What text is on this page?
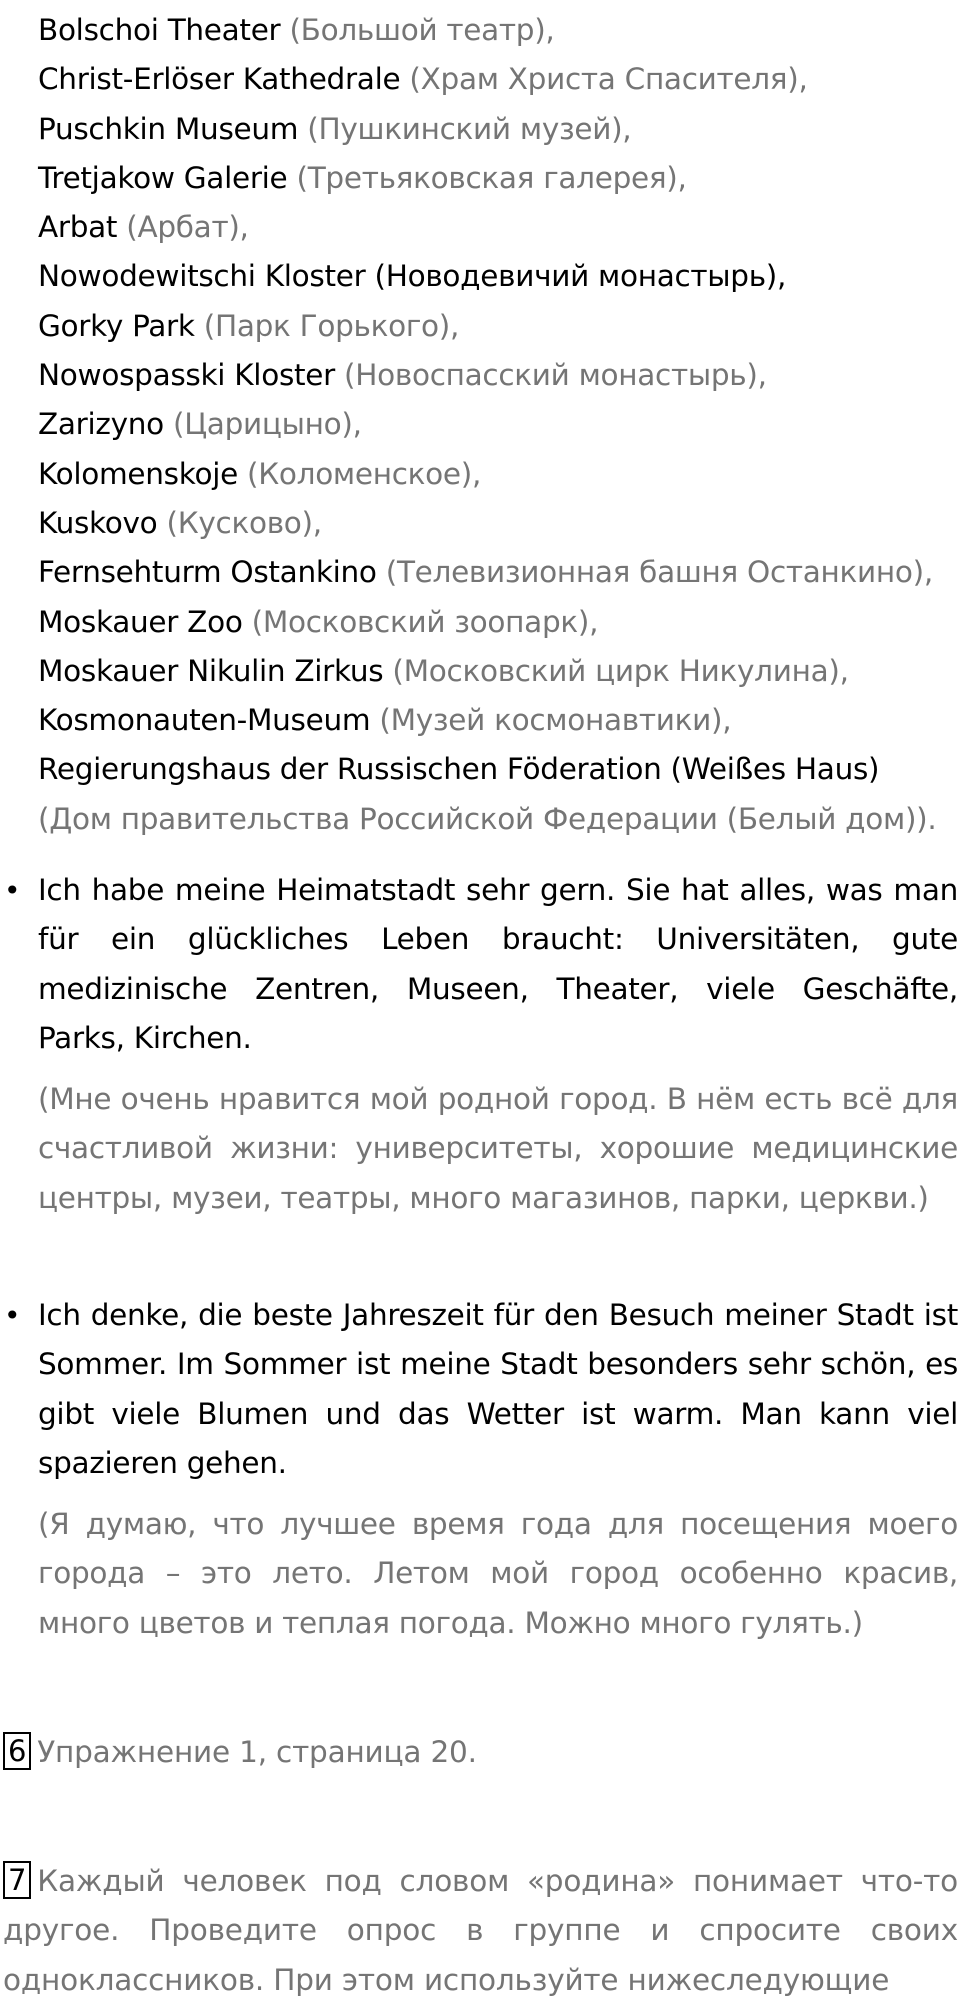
Bolschoi Theater (Большой театр),
Christ-Erlöser Kathedrale (Храм Христа Спасителя),
Puschkin Museum (Пушкинский музей),
Tretjakow Galerie (Третьяковская галерея),
Arbat (Арбат),
Nowodewitschi Kloster (Новодевичий монастырь),
Gorky Park (Парк Горького),
Nowospasski Kloster (Новоспасский монастырь),
Zarizyno (Царицыно),
Kolomenskoje (Коломенское),
Kuskovo (Кусково),
Fernsehturm Ostankino (Телевизионная башня Останкино),
Moskauer Zoo (Московский зоопарк),
Moskauer Nikulin Zirkus (Московский цирк Никулина),
Kosmonauten-Museum (Музей космонавтики),
Regierungshaus der Russischen Föderation (Weißes Haus)
(Дом правительства Российской Федерации (Белый дом)).
• Ich habe meine Heimatstadt sehr gern. Sie hat alles, was man für ein glückliches Leben braucht: Universitäten, gute medizinische Zentren, Museen, Theater, viele Geschäfte, Parks, Kirchen.
(Мне очень нравится мой родной город. В нём есть всё для счастливой жизни: университеты, хорошие медицинские центры, музеи, театры, много магазинов, парки, церкви.)
• Ich denke, die beste Jahreszeit für den Besuch meiner Stadt ist Sommer. Im Sommer ist meine Stadt besonders sehr schön, es gibt viele Blumen und das Wetter ist warm. Man kann viel spazieren gehen.
(Я думаю, что лучшее время года для посещения моего города – это лето. Летом мой город особенно красив, много цветов и теплая погода. Можно много гулять.)
6 Упражнение 1, страница 20.
7 Каждый человек под словом «родина» понимает что-то другое. Проведите опрос в группе и спросите своих одноклассников. При этом используйте нижеследующие
